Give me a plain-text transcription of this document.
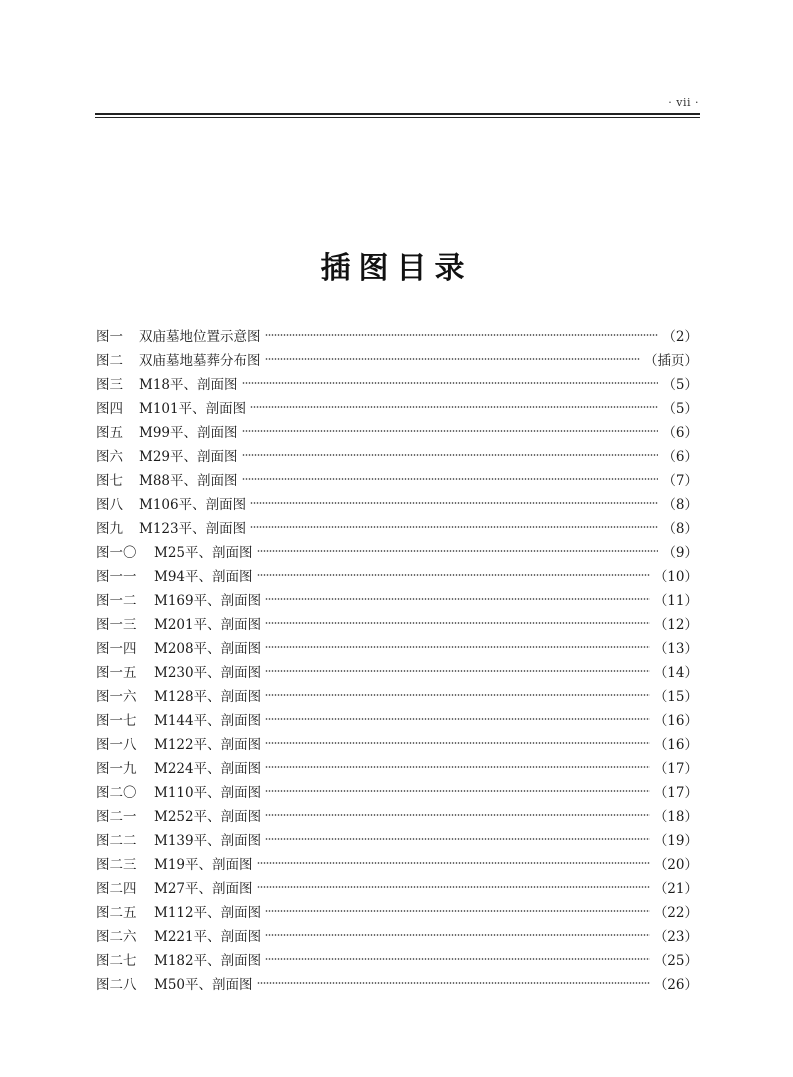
· vii ·
插图目录
图一	双庙墓地位置示意图	（2）
图二	双庙墓地墓葬分布图	（插页）
图三	M18平、剖面图	（5）
图四	M101平、剖面图	（5）
图五	M99平、剖面图	（6）
图六	M29平、剖面图	（6）
图七	M88平、剖面图	（7）
图八	M106平、剖面图	（8）
图九	M123平、剖面图	（8）
图一〇	M25平、剖面图	（9）
图一一	M94平、剖面图	（10）
图一二	M169平、剖面图	（11）
图一三	M201平、剖面图	（12）
图一四	M208平、剖面图	（13）
图一五	M230平、剖面图	（14）
图一六	M128平、剖面图	（15）
图一七	M144平、剖面图	（16）
图一八	M122平、剖面图	（16）
图一九	M224平、剖面图	（17）
图二〇	M110平、剖面图	（17）
图二一	M252平、剖面图	（18）
图二二	M139平、剖面图	（19）
图二三	M19平、剖面图	（20）
图二四	M27平、剖面图	（21）
图二五	M112平、剖面图	（22）
图二六	M221平、剖面图	（23）
图二七	M182平、剖面图	（25）
图二八	M50平、剖面图	（26）
